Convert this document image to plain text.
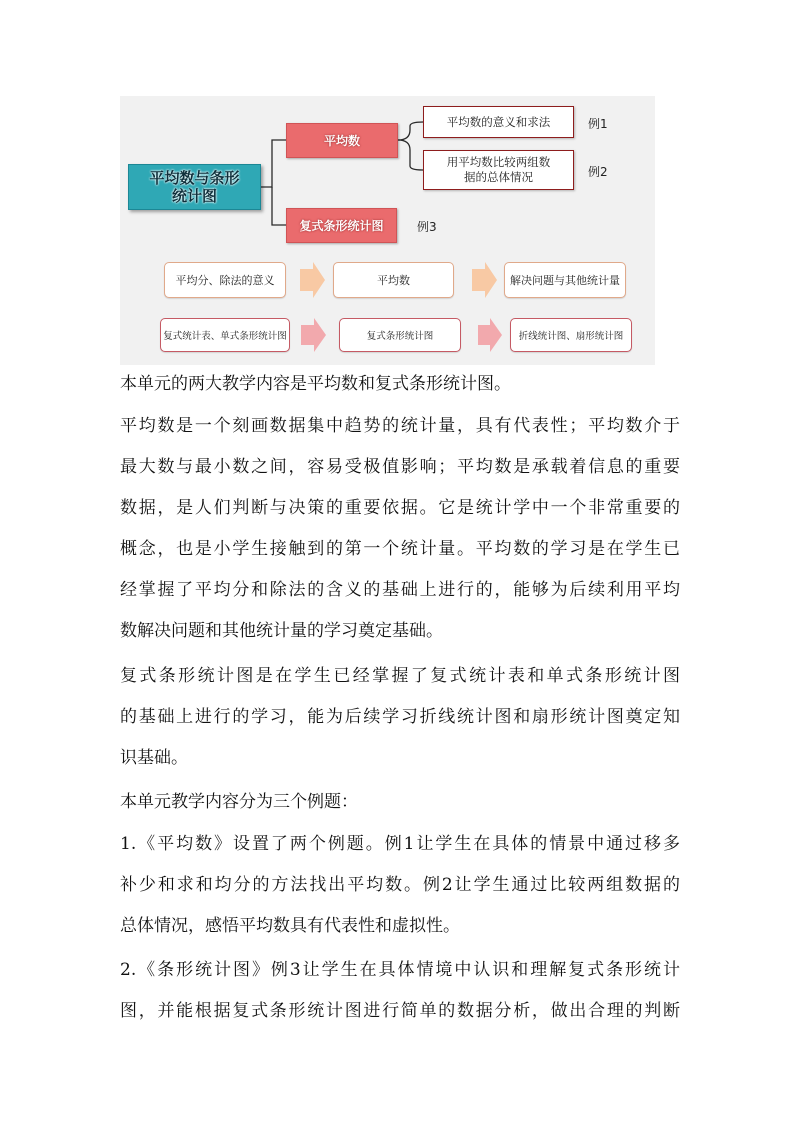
平均数与条形
统计图
平均数
复式条形统计图
平均数的意义和求法
用平均数比较两组数
据的总体情况
例1
例2
例3
平均分、除法的意义	平均数	解决问题与其他统计量
复式统计表、单式条形统计图	复式条形统计图	折线统计图、扇形统计图

本单元的两大教学内容是平均数和复式条形统计图。

平均数是一个刻画数据集中趋势的统计量，具有代表性；平均数介于
最大数与最小数之间，容易受极值影响；平均数是承载着信息的重要
数据，是人们判断与决策的重要依据。它是统计学中一个非常重要的
概念，也是小学生接触到的第一个统计量。平均数的学习是在学生已
经掌握了平均分和除法的含义的基础上进行的，能够为后续利用平均
数解决问题和其他统计量的学习奠定基础。

复式条形统计图是在学生已经掌握了复式统计表和单式条形统计图
的基础上进行的学习，能为后续学习折线统计图和扇形统计图奠定知
识基础。

本单元教学内容分为三个例题：

1.《平均数》设置了两个例题。例1让学生在具体的情景中通过移多
补少和求和均分的方法找出平均数。例2让学生通过比较两组数据的
总体情况，感悟平均数具有代表性和虚拟性。

2.《条形统计图》例3让学生在具体情境中认识和理解复式条形统计
图，并能根据复式条形统计图进行简单的数据分析，做出合理的判断
